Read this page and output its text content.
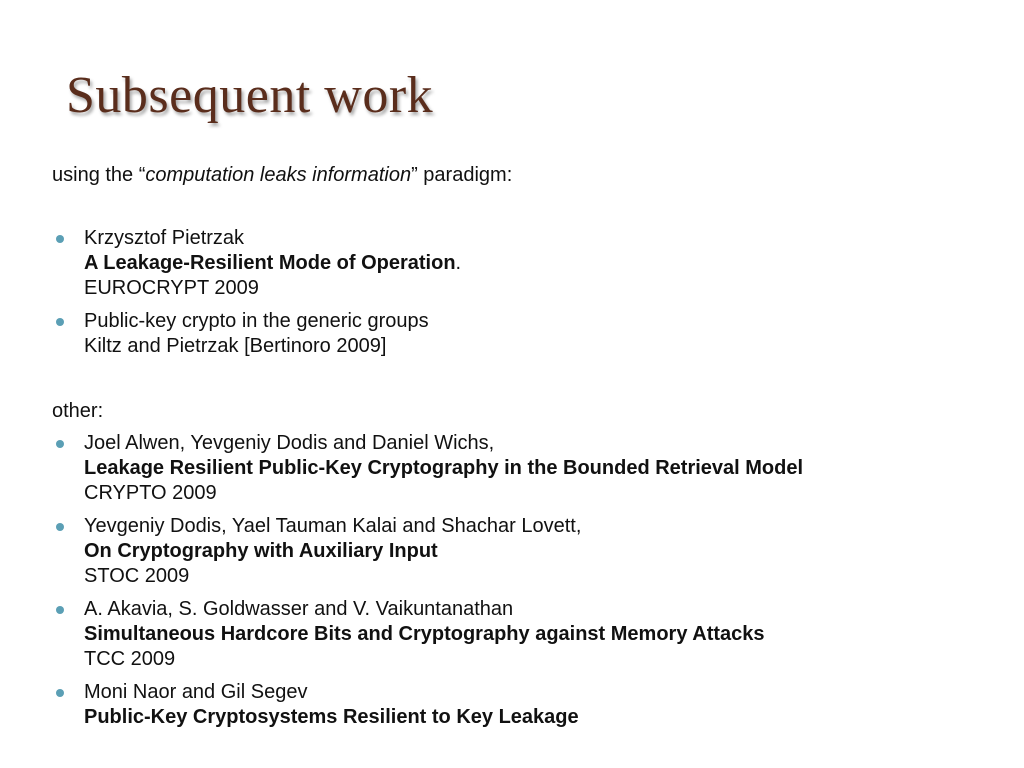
Subsequent work

using the “computation leaks information” paradigm:

Krzysztof Pietrzak
A Leakage-Resilient Mode of Operation.
EUROCRYPT 2009
Public-key crypto in the generic groups
Kiltz and Pietrzak [Bertinoro 2009]

other:

Joel Alwen, Yevgeniy Dodis and Daniel Wichs,
Leakage Resilient Public-Key Cryptography in the Bounded Retrieval Model
CRYPTO 2009
Yevgeniy Dodis, Yael Tauman Kalai and Shachar Lovett,
On Cryptography with Auxiliary Input
STOC 2009
A. Akavia, S. Goldwasser and V. Vaikuntanathan
Simultaneous Hardcore Bits and Cryptography against Memory Attacks
TCC 2009
Moni Naor and Gil Segev
Public-Key Cryptosystems Resilient to Key Leakage
